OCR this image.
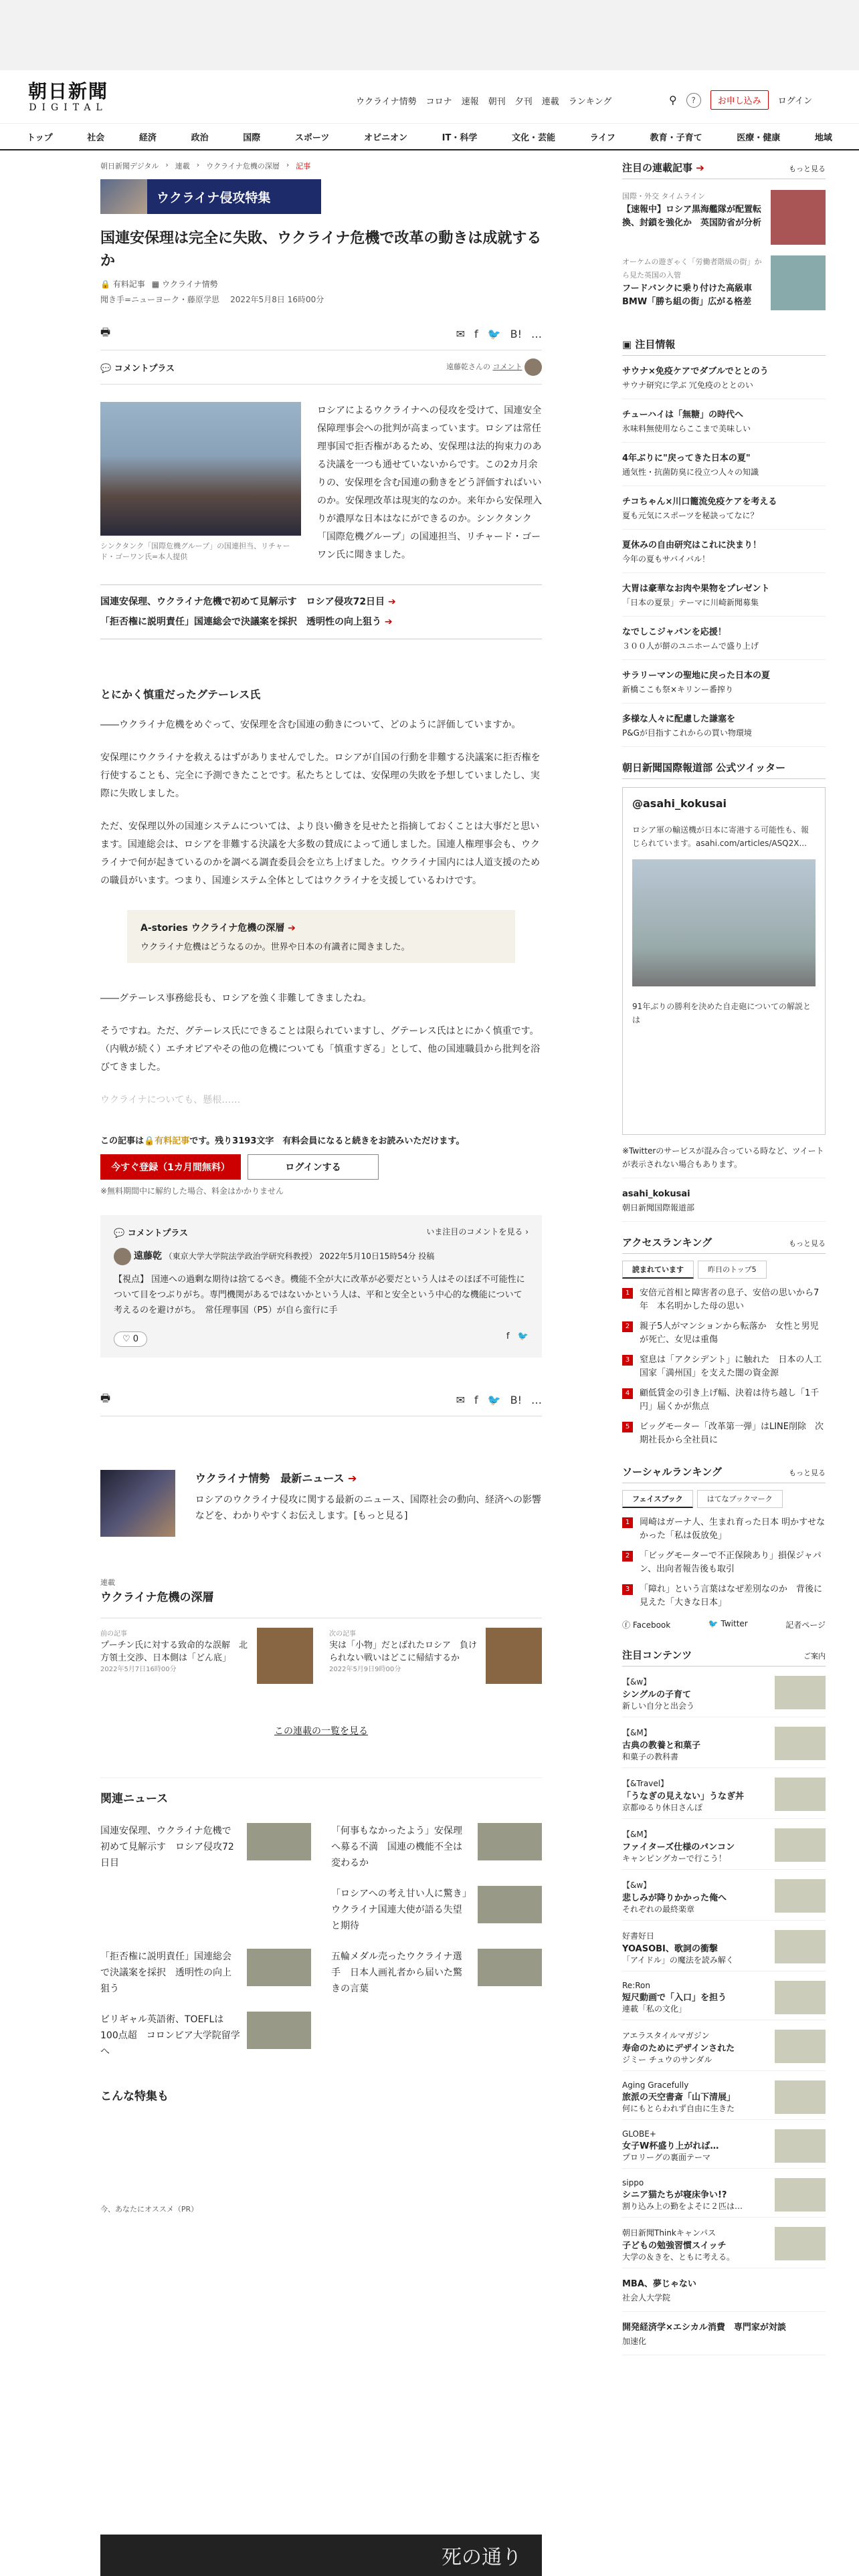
朝日新聞
DIGITAL
ウクライナ情勢 コロナ 速報 朝刊 夕刊 連載 ランキング	⚲	?	お申し込み	ログイン
トップ	社会	経済	政治	国際	スポーツ	オピニオン	IT・科学	文化・芸能	ライフ	教育・子育て	医療・健康	地域
朝日新聞デジタル › 連載 › ウクライナ危機の深層 › 記事
ウクライナ侵攻特集
国連安保理は完全に失敗、ウクライナ危機で改革の動きは成就するか
🔒 有料記事 ▦ ウクライナ情勢
聞き手=ニューヨーク・藤原学思 2022年5月8日 16時00分
🖶	✉ f 🐦 B! …
💬 コメントプラス	遠藤乾さんの コメント
シンクタンク「国際危機グループ」の国連担当、リチャード・ゴーワン氏=本人提供

ロシアによるウクライナへの侵攻を受けて、国連安全保障理事会への批判が高まっています。ロシアは常任理事国で拒否権があるため、安保理は法的拘束力のある決議を一つも通せていないからです。この2カ月余りの、安保理を含む国連の動きをどう評価すればいいのか。安保理改革は現実的なのか。来年から安保理入りが濃厚な日本はなにができるのか。シンクタンク「国際危機グループ」の国連担当、リチャード・ゴーワン氏に聞きました。

国連安保理、ウクライナ危機で初めて見解示す　ロシア侵攻72日目 ➔
「拒否権に説明責任」国連総会で決議案を採択　透明性の向上狙う ➔
とにかく慎重だったグテーレス氏

――ウクライナ危機をめぐって、安保理を含む国連の動きについて、どのように評価していますか。

安保理にウクライナを救えるはずがありませんでした。ロシアが自国の行動を非難する決議案に拒否権を行使することも、完全に予測できたことです。私たちとしては、安保理の失敗を予想していましたし、実際に失敗しました。

ただ、安保理以外の国連システムについては、より良い働きを見せたと指摘しておくことは大事だと思います。国連総会は、ロシアを非難する決議を大多数の賛成によって通しました。国連人権理事会も、ウクライナで何が起きているのかを調べる調査委員会を立ち上げました。ウクライナ国内には人道支援のための職員がいます。つまり、国連システム全体としてはウクライナを支援しているわけです。

A-stories ウクライナ危機の深層 ➔
ウクライナ危機はどうなるのか。世界や日本の有識者に聞きました。

――グテーレス事務総長も、ロシアを強く非難してきましたね。

そうですね。ただ、グテーレス氏にできることは限られていますし、グテーレス氏はとにかく慎重です。（内戦が続く）エチオピアやその他の危機についても「慎重すぎる」として、他の国連職員から批判を浴びてきました。

ウクライナについても、懸根……

この記事は🔒有料記事です。残り3193文字　有料会員になると続きをお読みいただけます。
今すぐ登録（1カ月間無料）	ログインする
※無料期間中に解約した場合、料金はかかりません
💬 コメントプラス	いま注目のコメントを見る ›
遠藤乾 （東京大学大学院法学政治学研究科教授） 2022年5月10日15時54分 投稿
【視点】 国連への過剰な期待は捨てるべき。機能不全が大に改革が必要だという人はそのほぼ不可能性について目をつぶりがち。専門機関があるではないかという人は、平和と安全という中心的な機能について考えるのを避けがち。　常任理事国（P5）が自ら蛮行に手
♡ 0	f 🐦
🖶	✉ f 🐦 B! …
ウクライナ情勢　最新ニュース ➔

ロシアのウクライナ侵攻に関する最新のニュース、国際社会の動向、経済への影響などを、わかりやすくお伝えします。[もっと見る]

連載
ウクライナ危機の深層
前の記事
プーチン氏に対する致命的な誤解　北方領土交渉、日本側は「どん底」
2022年5月7日16時00分
次の記事
実は「小物」だとばれたロシア　負けられない戦いはどこに帰結するか
2022年5月9日9時00分
この連載の一覧を見る
関連ニュース
国連安保理、ウクライナ危機で初めて見解示す　ロシア侵攻72日目
「何事もなかったよう」安保理へ募る不満　国連の機能不全は変わるか
「ロシアへの考え甘い人に驚き」ウクライナ国連大使が語る失望と期待
「拒否権に説明責任」国連総会で決議案を採択　透明性の向上狙う
五輪メダル売ったウクライナ選手　日本人画礼者から届いた驚きの言葉
ビリギャル英語術、TOEFLは100点超　コロンビア大学院留学へ
こんな特集も
今、あなたにオススメ（PR）
死の通り
注目の連載記事 ➔	もっと見る
国際・外交 タイムライン
【速報中】ロシア黒海艦隊が配置転換、封鎖を強化か　英国防省が分析
オーケムの遊ぎゃく「労働者階級の街」から見た英国の入管
フードバンクに乗り付けた高級車BMW「勝ち組の街」広がる格差
▣ 注目情報
サウナ×免疫ケアでダブルでととのう
サウナ研究に学ぶ 冗免疫のととのい
チューハイは「無糖」の時代へ
氷味料無使用ならここまで美味しい
4年ぶりに"戻ってきた日本の夏"
通気性・抗菌防臭に役立つ人々の知識
チコちゃん×川口籠流免疫ケアを考える
夏も元気にスポーツを秘訣ってなに？
夏休みの自由研究はこれに決まり！
今年の夏もサバイバル！
大胃は豪華なお肉や果物をプレゼント
「日本の夏景」テーマに川崎新聞募集
なでしこジャパンを応援！
３００人が餅のユニホームで盛り上げ
サラリーマンの聖地に戻った日本の夏
新橋ここも祭×キリンー番搾り
多様な人々に配慮した謙塞を
P&Gが目指すこれからの買い物環境
朝日新聞国際報道部 公式ツイッター
@asahi_kokusai
ロシア軍の輸送機が日本に寄港する可能性も、報じられています。asahi.com/articles/ASQ2X...
91年ぶりの勝利を決めた自走砲についての解説とは
※Twitterのサービスが混み合っている時など、ツイートが表示されない場合もあります。
asahi_kokusai
朝日新聞国際報道部
アクセスランキング	もっと見る
読まれています	昨日のトップ5
1	安倍元首相と障害者の息子、安倍の思いから7年　本名明かした母の思い
2	親子5人がマンションから転落か　女性と男児が死亡、女児は重傷
3	窒息は「アクシデント」に触れた　日本の人工国家「満州国」を支えた闇の資金源
4	顧低賃金の引き上げ幅、決着は待ち越し「1千円」届くかが焦点
5	ビッグモーター「改革第一弾」はLINE削除　次期社長から全社員に
ソーシャルランキング	もっと見る
フェイスブック	はてなブックマーク
1	岡崎はガーナ人、生まれ育った日本 明かすせなかった「私は仮放免」
2	「ビッグモーターで不正保険あり」損保ジャパン、出向者報告後も取引
3	「障れ」という言葉はなぜ差別なのか　背後に見えた「大きな日本」
ⓕ Facebook	🐦 Twitter	記者ページ
注目コンテンツ	ご案内
【&w】
シングルの子育て
新しい自分と出会う
【&M】
古典の教養と和菓子
和菓子の教科書
【&Travel】
「うなぎの見えない」うなぎ丼
京都ゆるり休日さんぽ
【&M】
ファイターズ仕様のパンコン
キャンピングカーで行こう！
【&w】
悲しみが降りかかった俺へ
それぞれの最終楽章
好書好日
YOASOBI、歌詞の衝撃
「アイドル」の魔法を読み解く
Re:Ron
短尺動画で「入口」を担う
連載「私の文化」
アエラスタイルマガジン
寿命のためにデザインされた
ジミー チュウのサンダル
Aging Gracefully
旅派の天空書斎「山下清展」
何にもとらわれず自由に生きた
GLOBE+
女子W杯盛り上がれば…
プロリーグの裏面テーマ
sippo
シニア猫たちが寝床争い!?
割り込み上の勤をよそに２匹は…
朝日新聞Thinkキャンパス
子どもの勉強習慣スイッチ
大学の＆きを、ともに考える。
MBA、夢じゃない
社会人大学院
開発経済学×エシカル消費　専門家が対談
加速化
